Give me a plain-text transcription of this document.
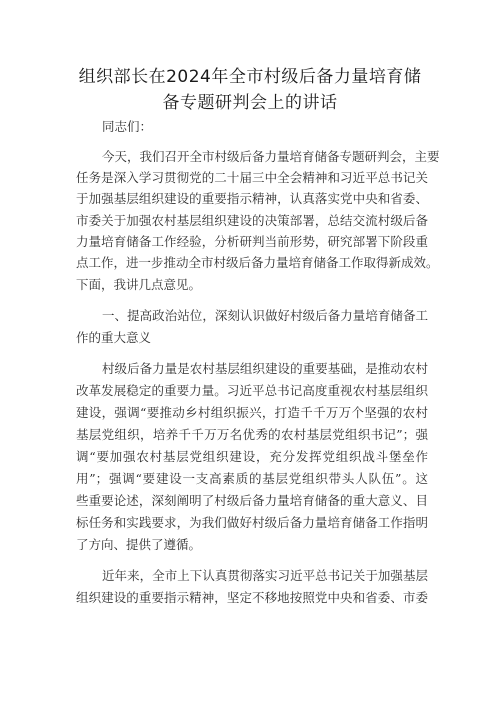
组织部长在2024年全市村级后备力量培育储
备专题研判会上的讲话
同志们：
今天，我们召开全市村级后备力量培育储备专题研判会，主要
任务是深入学习贯彻党的二十届三中全会精神和习近平总书记关
于加强基层组织建设的重要指示精神，认真落实党中央和省委、
市委关于加强农村基层组织建设的决策部署，总结交流村级后备
力量培育储备工作经验，分析研判当前形势，研究部署下阶段重
点工作，进一步推动全市村级后备力量培育储备工作取得新成效。
下面，我讲几点意见。
一、提高政治站位，深刻认识做好村级后备力量培育储备工
作的重大意义
村级后备力量是农村基层组织建设的重要基础，是推动农村
改革发展稳定的重要力量。习近平总书记高度重视农村基层组织
建设，强调“要推动乡村组织振兴，打造千千万万个坚强的农村
基层党组织，培养千千万万名优秀的农村基层党组织书记”；强
调“要加强农村基层党组织建设，充分发挥党组织战斗堡垒作
用”；强调“要建设一支高素质的基层党组织带头人队伍”。这
些重要论述，深刻阐明了村级后备力量培育储备的重大意义、目
标任务和实践要求，为我们做好村级后备力量培育储备工作指明
了方向、提供了遵循。
近年来，全市上下认真贯彻落实习近平总书记关于加强基层
组织建设的重要指示精神，坚定不移地按照党中央和省委、市委
